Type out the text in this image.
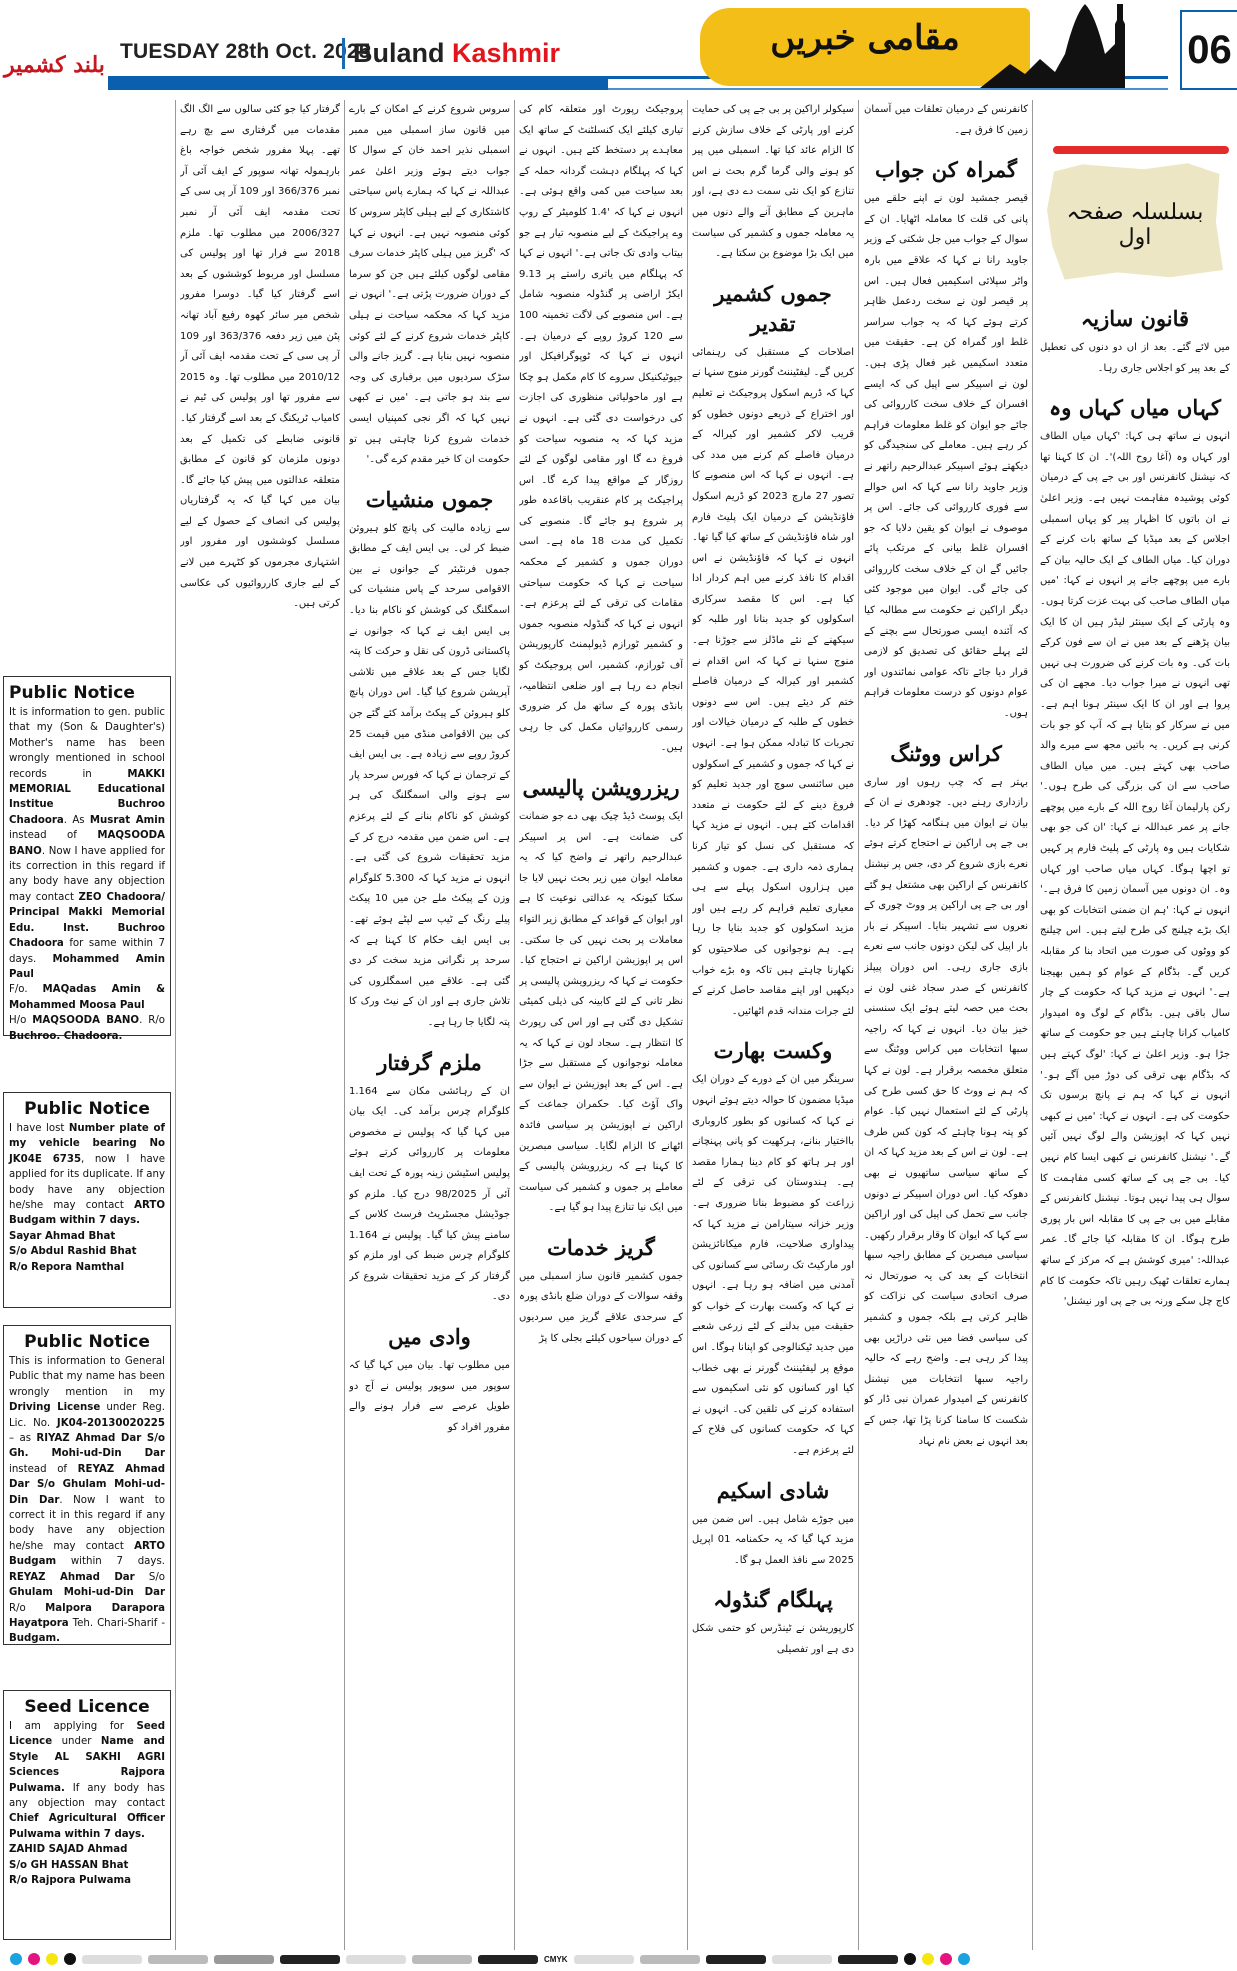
بلند کشمیر
TUESDAY 28th Oct. 2025
Buland Kashmir	مقامی خبریں	06
بسلسلہ صفحہ اول
قانون سازیہ

میں لائے گئے۔ بعد از اں دو دنوں کی تعطیل کے بعد پیر کو اجلاس جاری رہا۔

کہاں میاں کہاں وہ

انہوں نے ساتھ ہی کہا: 'کہاں میاں الطاف اور کہاں وہ (آغا روح اللہ)'۔ ان کا کہنا تھا کہ نیشنل کانفرنس اور بی جے پی کے درمیان کوئی پوشیدہ مفاہمت نہیں ہے۔ وزیر اعلیٰ نے ان باتوں کا اظہار پیر کو یہاں اسمبلی اجلاس کے بعد میڈیا کے ساتھ بات کرنے کے دوران کیا۔ میاں الطاف کے ایک حالیہ بیان کے بارے میں پوچھے جانے پر انہوں نے کہا: 'میں میاں الطاف صاحب کی بہت عزت کرتا ہوں۔ وہ پارٹی کے ایک سینئر لیڈر ہیں ان کا ایک بیان پڑھنے کے بعد میں نے ان سے فون کرکے بات کی۔ وہ بات کرنے کی ضرورت ہی نہیں تھی انہوں نے میرا جواب دیا۔ مجھے ان کی پروا ہے اور ان کا ایک سینئر ہونا اہم ہے۔ میں نے سرکار کو بتایا ہے کہ آپ کو جو بات کرنی ہے کریں۔ یہ باتیں مجھ سے میرے والد صاحب بھی کہتے ہیں۔ میں میاں الطاف صاحب سے ان کی بزرگی کی طرح ہوں۔' رکن پارلیمان آغا روح اللہ کے بارے میں پوچھے جانے پر عمر عبداللہ نے کہا: 'ان کی جو بھی شکایات ہیں وہ پارٹی کے پلیٹ فارم پر کہیں تو اچھا ہوگا۔ کہاں میاں صاحب اور کہاں وہ۔ ان دونوں میں آسمان زمین کا فرق ہے۔' انہوں نے کہا: 'ہم ان ضمنی انتخابات کو بھی ایک بڑے چیلنج کی طرح لیتے ہیں۔ اس چیلنج کو ووٹوں کی صورت میں اتحاد بنا کر مقابلہ کریں گے۔ بڈگام کے عوام کو ہمیں بھیجنا ہے۔' انہوں نے مزید کہا کہ حکومت کے چار سال باقی ہیں۔ بڈگام کے لوگ وہ امیدوار کامیاب کرانا چاہتے ہیں جو حکومت کے ساتھ جڑا ہو۔ وزیر اعلیٰ نے کہا: 'لوگ کہتے ہیں کہ بڈگام بھی ترقی کی دوڑ میں آگے ہو۔' انہوں نے کہا کہ ہم نے پانچ برسوں تک حکومت کی ہے۔ انہوں نے کہا: 'میں نے کبھی نہیں کہا کہ اپوزیشن والے لوگ نہیں آئیں گے۔' نیشنل کانفرنس نے کبھی ایسا کام نہیں کیا۔ بی جے پی کے ساتھ کسی مفاہمت کا سوال ہی پیدا نہیں ہوتا۔ نیشنل کانفرنس کے مقابلے میں بی جے پی کا مقابلہ اس بار پوری طرح ہوگا۔ ان کا مقابلہ کیا جائے گا۔ عمر عبداللہ: 'میری کوشش ہے کہ مرکز کے ساتھ ہمارے تعلقات ٹھیک رہیں تاکہ حکومت کا کام کاج چل سکے ورنہ بی جے پی اور نیشنل'

کانفرنس کے درمیان تعلقات میں آسمان زمین کا فرق ہے۔

گمراہ کن جواب

قیصر جمشید لون نے اپنے حلقے میں پانی کی قلت کا معاملہ اٹھایا۔ ان کے سوال کے جواب میں جل شکتی کے وزیر جاوید رانا نے کہا کہ علاقے میں بارہ واٹر سپلائی اسکیمیں فعال ہیں۔ اس پر قیصر لون نے سخت ردعمل ظاہر کرتے ہوئے کہا کہ یہ جواب سراسر غلط اور گمراہ کن ہے۔ حقیقت میں متعدد اسکیمیں غیر فعال پڑی ہیں۔ لون نے اسپیکر سے اپیل کی کہ ایسے افسران کے خلاف سخت کارروائی کی جائے جو ایوان کو غلط معلومات فراہم کر رہے ہیں۔ معاملے کی سنجیدگی کو دیکھتے ہوئے اسپیکر عبدالرحیم راتھر نے وزیر جاوید رانا سے کہا کہ اس حوالے سے فوری کارروائی کی جائے۔ اس پر موصوف نے ایوان کو یقین دلایا کہ جو افسران غلط بیانی کے مرتکب پائے جائیں گے ان کے خلاف سخت کارروائی کی جائے گی۔ ایوان میں موجود کئی دیگر اراکین نے حکومت سے مطالبہ کیا کہ آئندہ ایسی صورتحال سے بچنے کے لئے پہلے حقائق کی تصدیق کو لازمی قرار دیا جائے تاکہ عوامی نمائندوں اور عوام دونوں کو درست معلومات فراہم ہوں۔

کراس ووٹنگ

بہتر ہے کہ چپ رہوں اور ساری رازداری رہنے دیں۔ چودھری نے ان کے بیان نے ایوان میں ہنگامہ کھڑا کر دیا۔ بی جے پی اراکین نے احتجاج کرتے ہوئے نعرے بازی شروع کر دی، جس پر نیشنل کانفرنس کے اراکین بھی مشتعل ہو گئے اور بی جے پی اراکین پر ووٹ چوری کے نعروں سے تشہیر بنایا۔ اسپیکر نے بار بار اپیل کی لیکن دونوں جانب سے نعرے بازی جاری رہی۔ اس دوران پیپلز کانفرنس کے صدر سجاد غنی لون نے بحث میں حصہ لیتے ہوئے ایک سنسنی خیز بیان دیا۔ انہوں نے کہا کہ راجیہ سبھا انتخابات میں کراس ووٹنگ سے متعلق مخمصہ برقرار ہے۔ لون نے کہا کہ ہم نے ووٹ کا حق کسی طرح کی پارٹی کے لئے استعمال نہیں کیا۔ عوام کو پتہ ہونا چاہئے کہ کون کس طرف ہے۔ لون نے اس کے بعد مزید کہا کہ ان کے ساتھ سیاسی ساتھیوں نے بھی دھوکہ کیا۔ اس دوران اسپیکر نے دونوں جانب سے تحمل کی اپیل کی اور اراکین سے کہا کہ ایوان کا وقار برقرار رکھیں۔ سیاسی مبصرین کے مطابق راجیہ سبھا انتخابات کے بعد کی یہ صورتحال نہ صرف اتحادی سیاست کی نزاکت کو ظاہر کرتی ہے بلکہ جموں و کشمیر کی سیاسی فضا میں نئی دراڑیں بھی پیدا کر رہی ہے۔ واضح رہے کہ حالیہ راجیہ سبھا انتخابات میں نیشنل کانفرنس کے امیدوار عمران نبی ڈار کو شکست کا سامنا کرنا پڑا تھا، جس کے بعد انہوں نے بعض نام نہاد

سیکولر اراکین پر بی جے پی کی حمایت کرنے اور پارٹی کے خلاف سازش کرنے کا الزام عائد کیا تھا۔ اسمبلی میں پیر کو ہونے والی گرما گرم بحث نے اس تنازع کو ایک نئی سمت دے دی ہے، اور ماہرین کے مطابق آنے والے دنوں میں یہ معاملہ جموں و کشمیر کی سیاست میں ایک بڑا موضوع بن سکتا ہے۔

جموں کشمیر تقدیر

اصلاحات کے مستقبل کی رہنمائی کریں گے۔ لیفٹیننٹ گورنر منوج سنہا نے کہا کہ ڈریم اسکول پروجیکٹ نے تعلیم اور اختراع کے ذریعے دونوں خطوں کو قریب لاکر کشمیر اور کیرالہ کے درمیان فاصلے کم کرنے میں مدد کی ہے۔ انہوں نے کہا کہ اس منصوبے کا تصور 27 مارچ 2023 کو ڈریم اسکول فاؤنڈیشن کے درمیان ایک پلیٹ فارم اور شاہ فاؤنڈیشن کے ساتھ کیا گیا تھا۔ انہوں نے کہا کہ فاؤنڈیشن نے اس اقدام کا نافذ کرنے میں اہم کردار ادا کیا ہے۔ اس کا مقصد سرکاری اسکولوں کو جدید بنانا اور طلبہ کو سیکھنے کے نئے ماڈلز سے جوڑنا ہے۔ منوج سنہا نے کہا کہ اس اقدام نے کشمیر اور کیرالہ کے درمیان فاصلے ختم کر دیئے ہیں۔ اس سے دونوں خطوں کے طلبہ کے درمیان خیالات اور تجربات کا تبادلہ ممکن ہوا ہے۔ انہوں نے کہا کہ جموں و کشمیر کے اسکولوں میں سائنسی سوچ اور جدید تعلیم کو فروغ دینے کے لئے حکومت نے متعدد اقدامات کئے ہیں۔ انہوں نے مزید کہا کہ مستقبل کی نسل کو تیار کرنا ہماری ذمہ داری ہے۔ جموں و کشمیر میں ہزاروں اسکول پہلے سے ہی معیاری تعلیم فراہم کر رہے ہیں اور مزید اسکولوں کو جدید بنایا جا رہا ہے۔ ہم نوجوانوں کی صلاحیتوں کو نکھارنا چاہتے ہیں تاکہ وہ بڑے خواب دیکھیں اور اپنے مقاصد حاصل کرنے کے لئے جرات مندانہ قدم اٹھائیں۔

وکست بھارت

سرینگر میں ان کے دورے کے دوران ایک میڈیا مضمون کا حوالہ دیتے ہوئے انہوں نے کہا کہ کسانوں کو بطور کاروباری بااختیار بنانے، ہرکھیت کو پانی پہنچانے اور ہر ہاتھ کو کام دینا ہمارا مقصد ہے۔ ہندوستان کی ترقی کے لئے زراعت کو مضبوط بنانا ضروری ہے۔ وزیر خزانہ سیتارامن نے مزید کہا کہ پیداواری صلاحیت، فارم میکانائزیشن اور مارکیٹ تک رسائی سے کسانوں کی آمدنی میں اضافہ ہو رہا ہے۔ انہوں نے کہا کہ وکست بھارت کے خواب کو حقیقت میں بدلنے کے لئے زرعی شعبے میں جدید ٹیکنالوجی کو اپنانا ہوگا۔ اس موقع پر لیفٹیننٹ گورنر نے بھی خطاب کیا اور کسانوں کو نئی اسکیموں سے استفادہ کرنے کی تلقین کی۔ انہوں نے کہا کہ حکومت کسانوں کی فلاح کے لئے پرعزم ہے۔

شادی اسکیم

میں جوڑے شامل ہیں۔ اس ضمن میں مزید کہا گیا کہ یہ حکمنامہ 01 اپریل 2025 سے نافذ العمل ہو گا۔

پہلگام گنڈولہ

کارپوریشن نے ٹینڈرس کو حتمی شکل دی ہے اور تفصیلی

پروجیکٹ رپورٹ اور متعلقہ کام کی تیاری کیلئے ایک کنسلٹنٹ کے ساتھ ایک معاہدے پر دستخط کئے ہیں۔ انہوں نے کہا کہ پہلگام دہشت گردانہ حملہ کے بعد سیاحت میں کمی واقع ہوئی ہے۔ انہوں نے کہا کہ '1.4 کلومیٹر کے روپ وے پراجیکٹ کے لیے منصوبہ تیار ہے جو بیتاب وادی تک جاتی ہے۔' انہوں نے کہا کہ پہلگام میں یاتری راستے پر 9.13 ایکڑ اراضی پر گنڈولہ منصوبہ شامل ہے۔ اس منصوبے کی لاگت تخمینہ 100 سے 120 کروڑ روپے کے درمیان ہے۔ انہوں نے کہا کہ ٹوپوگرافیکل اور جیوٹیکنیکل سروے کا کام مکمل ہو چکا ہے اور ماحولیاتی منظوری کی اجازت کی درخواست دی گئی ہے۔ انہوں نے مزید کہا کہ یہ منصوبہ سیاحت کو فروغ دے گا اور مقامی لوگوں کے لئے روزگار کے مواقع پیدا کرے گا۔ اس پراجیکٹ پر کام عنقریب باقاعدہ طور پر شروع ہو جائے گا۔ منصوبے کی تکمیل کی مدت 18 ماہ ہے۔ اسی دوران جموں و کشمیر کے محکمہ سیاحت نے کہا کہ حکومت سیاحتی مقامات کی ترقی کے لئے پرعزم ہے۔ انہوں نے کہا کہ گنڈولہ منصوبہ جموں و کشمیر ٹورازم ڈیولپمنٹ کارپوریشن آف ٹورازم، کشمیر، اس پروجیکٹ کو انجام دے رہا ہے اور ضلعی انتظامیہ، بانڈی پورہ کے ساتھ مل کر ضروری رسمی کارروائیاں مکمل کی جا رہی ہیں۔

ریزرویشن پالیسی

ایک پوسٹ ڈیڈ چیک بھی دے جو ضمانت کی ضمانت ہے۔ اس پر اسپیکر عبدالرحیم راتھر نے واضح کیا کہ یہ معاملہ ایوان میں زیر بحث نہیں لایا جا سکتا کیونکہ یہ عدالتی نوعیت کا ہے اور ایوان کے قواعد کے مطابق زیر التواء معاملات پر بحث نہیں کی جا سکتی۔ اس پر اپوزیشن اراکین نے احتجاج کیا۔ حکومت نے کہا کہ ریزرویشن پالیسی پر نظر ثانی کے لئے کابینہ کی ذیلی کمیٹی تشکیل دی گئی ہے اور اس کی رپورٹ کا انتظار ہے۔ سجاد لون نے کہا کہ یہ معاملہ نوجوانوں کے مستقبل سے جڑا ہے۔ اس کے بعد اپوزیشن نے ایوان سے واک آؤٹ کیا۔ حکمران جماعت کے اراکین نے اپوزیشن پر سیاسی فائدہ اٹھانے کا الزام لگایا۔ سیاسی مبصرین کا کہنا ہے کہ ریزرویشن پالیسی کے معاملے پر جموں و کشمیر کی سیاست میں ایک نیا تنازع پیدا ہو گیا ہے۔

گریز خدمات

جموں کشمیر قانون ساز اسمبلی میں وقفہ سوالات کے دوران ضلع بانڈی پورہ کے سرحدی علاقے گریز میں سردیوں کے دوران سیاحوں کیلئے بجلی کا پڑ

سروس شروع کرنے کے امکان کے بارے میں قانون ساز اسمبلی میں ممبر اسمبلی نذیر احمد خان کے سوال کا جواب دیتے ہوئے وزیر اعلیٰ عمر عبداللہ نے کہا کہ ہمارے پاس سیاحتی کاشتکاری کے لیے ہیلی کاپٹر سروس کا کوئی منصوبہ نہیں ہے۔ انہوں نے کہا کہ 'گریز میں ہیلی کاپٹر خدمات سرف مقامی لوگوں کیلئے ہیں جن کو سرما کے دوران ضرورت پڑتی ہے۔' انہوں نے مزید کہا کہ محکمہ سیاحت نے ہیلی کاپٹر خدمات شروع کرنے کے لئے کوئی منصوبہ نہیں بنایا ہے۔ گریز جانے والی سڑک سردیوں میں برفباری کی وجہ سے بند ہو جاتی ہے۔ 'میں نے کبھی نہیں کہا کہ اگر نجی کمپنیاں ایسی خدمات شروع کرنا چاہتی ہیں تو حکومت ان کا خیر مقدم کرے گی۔'

جموں منشیات

سے زیادہ مالیت کی پانچ کلو ہیروئن ضبط کر لی۔ بی ایس ایف کے مطابق جموں فرنٹیئر کے جوانوں نے بین الاقوامی سرحد کے پاس منشیات کی اسمگلنگ کی کوشش کو ناکام بنا دیا۔ بی ایس ایف نے کہا کہ جوانوں نے پاکستانی ڈرون کی نقل و حرکت کا پتہ لگایا جس کے بعد علاقے میں تلاشی آپریشن شروع کیا گیا۔ اس دوران پانچ کلو ہیروئن کے پیکٹ برآمد کئے گئے جن کی بین الاقوامی منڈی میں قیمت 25 کروڑ روپے سے زیادہ ہے۔ بی ایس ایف کے ترجمان نے کہا کہ فورس سرحد پار سے ہونے والی اسمگلنگ کی ہر کوشش کو ناکام بنانے کے لئے پرعزم ہے۔ اس ضمن میں مقدمہ درج کر کے مزید تحقیقات شروع کی گئی ہے۔ انہوں نے مزید کہا کہ 5.300 کلوگرام وزن کے پیکٹ ملے جن میں 10 پیکٹ پیلے رنگ کے ٹیپ سے لپٹے ہوئے تھے۔ بی ایس ایف حکام کا کہنا ہے کہ سرحد پر نگرانی مزید سخت کر دی گئی ہے۔ علاقے میں اسمگلروں کی تلاش جاری ہے اور ان کے نیٹ ورک کا پتہ لگایا جا رہا ہے۔

ملزم گرفتار

ان کے رہائشی مکان سے 1.164 کلوگرام چرس برآمد کی۔ ایک بیان میں کہا گیا کہ پولیس نے مخصوص معلومات پر کارروائی کرتے ہوئے پولیس اسٹیشن زینہ پورہ کے تحت ایف آئی آر 98/2025 درج کیا۔ ملزم کو جوڈیشل مجسٹریٹ فرسٹ کلاس کے سامنے پیش کیا گیا۔ پولیس نے 1.164 کلوگرام چرس ضبط کی اور ملزم کو گرفتار کر کے مزید تحقیقات شروع کر دی۔

وادی میں

میں مطلوب تھا۔ بیان میں کہا گیا کہ سوپور میں سوپور پولیس نے آج دو طویل عرصے سے فرار ہونے والے مفرور افراد کو

گرفتار کیا جو کئی سالوں سے الگ الگ مقدمات میں گرفتاری سے بچ رہے تھے۔ پہلا مفرور شخص خواجہ باغ بارہمولہ تھانہ سوپور کے ایف آئی آر نمبر 366/376 اور 109 آر پی سی کے تحت مقدمہ ایف آئی آر نمبر 2006/327 میں مطلوب تھا۔ ملزم 2018 سے فرار تھا اور پولیس کی مسلسل اور مربوط کوششوں کے بعد اسے گرفتار کیا گیا۔ دوسرا مفرور شخص میر سائر کھوہ رفیع آباد تھانہ پٹن میں زیر دفعہ 363/376 اور 109 آر پی سی کے تحت مقدمہ ایف آئی آر 2010/12 میں مطلوب تھا۔ وہ 2015 سے مفرور تھا اور پولیس کی ٹیم نے کامیاب ٹریکنگ کے بعد اسے گرفتار کیا۔ قانونی ضابطے کی تکمیل کے بعد دونوں ملزمان کو قانون کے مطابق متعلقہ عدالتوں میں پیش کیا جائے گا۔ بیان میں کہا گیا کہ یہ گرفتاریاں پولیس کی انصاف کے حصول کے لیے مسلسل کوششوں اور مفرور اور اشتہاری مجرموں کو کٹہرے میں لانے کے لیے جاری کارروائیوں کی عکاسی کرتی ہیں۔

Public Notice
It is information to gen. public that my (Son & Daughter's) Mother's name has been wrongly mentioned in school records in MAKKI MEMORIAL Educational Institue Buchroo Chadoora. As Musrat Amin instead of MAQSOODA BANO. Now I have applied for its correction in this regard if any body have any objection may contact ZEO Chadoora/ Principal Makki Memorial Edu. Inst. Buchroo Chadoora for same within 7 days. Mohammed Amin Paul
F/o. MAQadas Amin & Mohammed Moosa Paul
H/o MAQSOODA BANO. R/o Buchroo. Chadoora.
Public Notice
I have lost Number plate of my vehicle bearing No JK04E 6735, now I have applied for its duplicate. If any body have any objection he/she may contact ARTO Budgam within 7 days.
Sayar Ahmad Bhat
S/o Abdul Rashid Bhat
R/o Repora Namthal
Public Notice
This is information to General Public that my name has been wrongly mention in my Driving License under Reg. Lic. No. JK04-20130020225 – as RIYAZ Ahmad Dar S/o Gh. Mohi-ud-Din Dar instead of REYAZ Ahmad Dar S/o Ghulam Mohi-ud-Din Dar. Now I want to correct it in this regard if any body have any objection he/she may contact ARTO Budgam within 7 days. REYAZ Ahmad Dar S/o Ghulam Mohi-ud-Din Dar R/o Malpora Darapora Hayatpora Teh. Chari-Sharif - Budgam.
Seed Licence
I am applying for Seed Licence under Name and Style AL SAKHI AGRI Sciences Rajpora Pulwama. If any body has any objection may contact Chief Agricultural Officer Pulwama within 7 days.
ZAHID SAJAD Ahmad
S/o GH HASSAN Bhat
R/o Rajpora Pulwama
CMYK
